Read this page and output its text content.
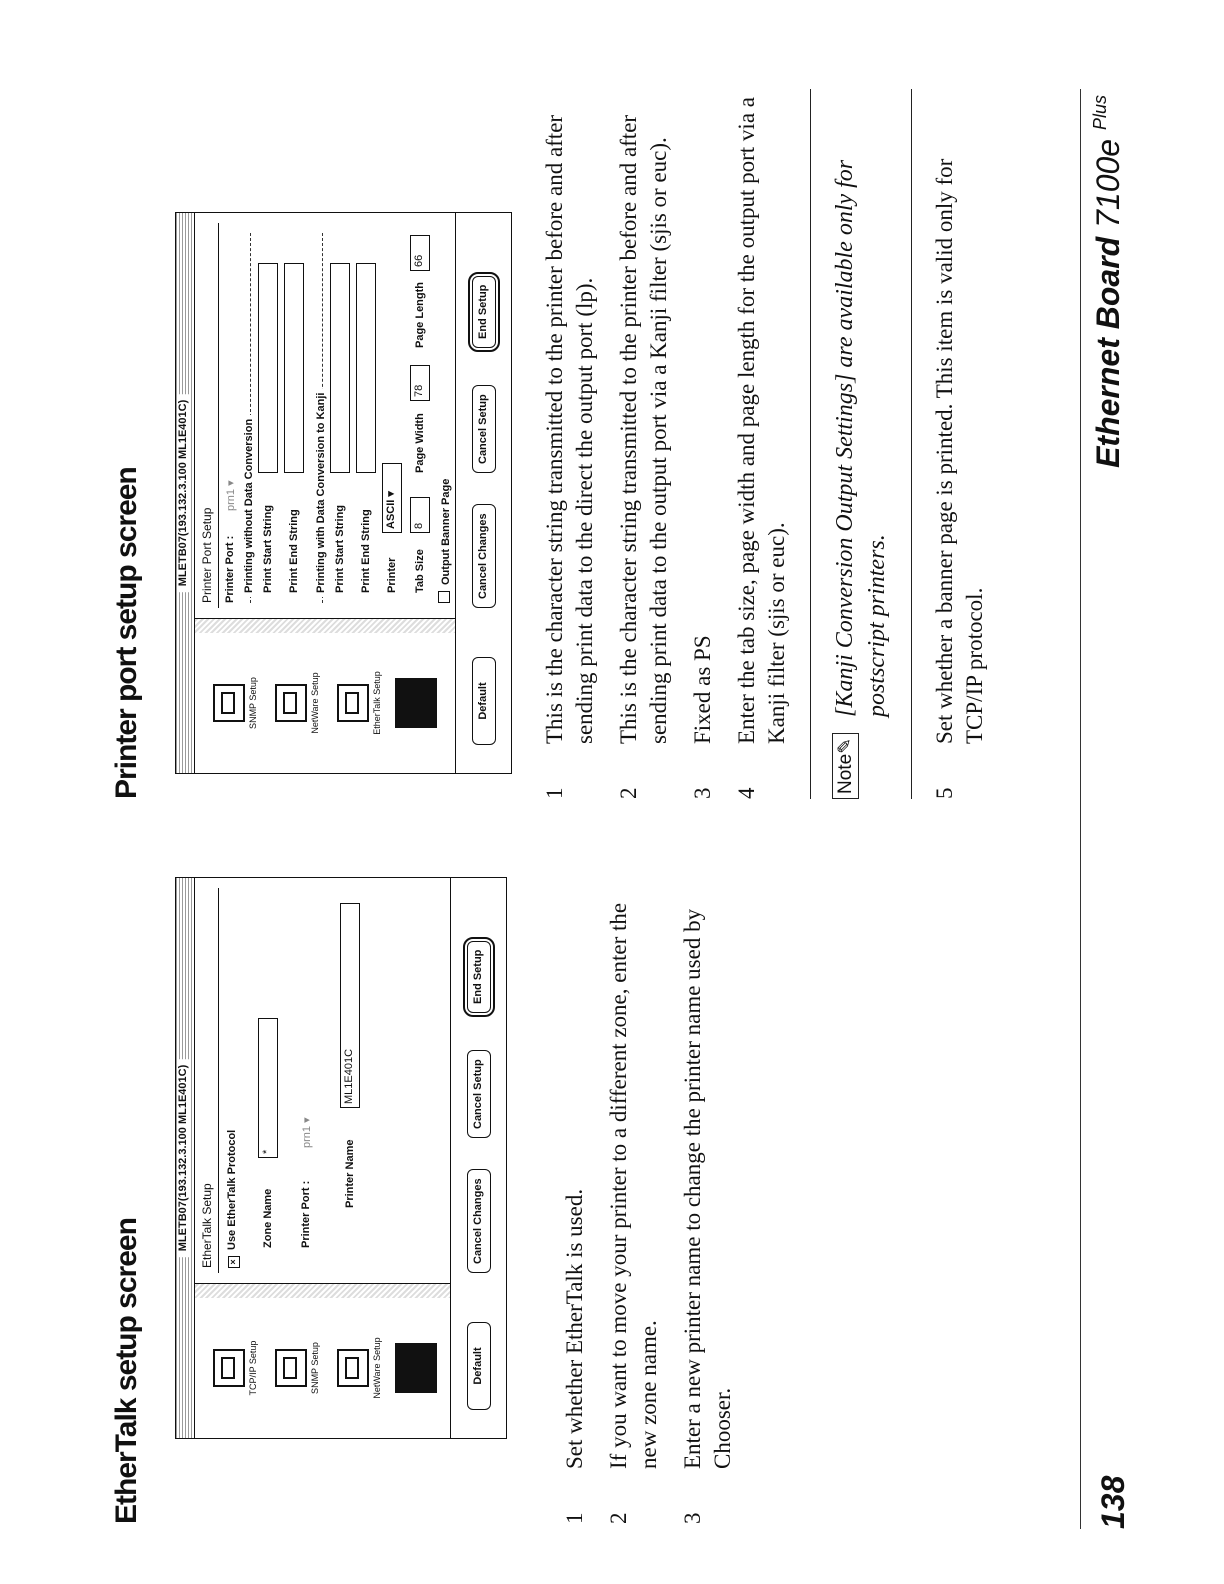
EtherTalk setup screen
MLETB07(193.132.3.100 ML1E401C)
TCP/IP Setup	SNMP Setup	NetWare Setup
EtherTalk Setup ×Use EtherTalk Protocol Zone Name
*
Printer Port :
prn1 ▾
Printer Name
ML1E401C
Default
Cancel Changes
Cancel Setup
End Setup
1
Set whether EtherTalk is used.
2
If you want to move your printer to a different zone, enter the new zone name.
3
Enter a new printer name to change the printer name used by Chooser.
Printer port setup screen	MLETB07(193.132.3.100 ML1E401C)
SNMP Setup	NetWare Setup	EtherTalk Setup
Printer Port Setup Printer Port :
prn1 ▾ Printing without Data Conversion Print Start String Print End String Printing with Data Conversion to Kanji Print Start String Print End String Printer
ASCII ▾
Tab Size
8
Page Width
78
Page Length
66
Output Banner Page
Default
Cancel Changes
Cancel Setup
End Setup
1
This is the character string transmitted to the printer before and after sending print data to the direct the output port (lp).
2
This is the character string transmitted to the printer before and after sending print data to the output port via a Kanji filter (sjis or euc).
3
Fixed as PS
4
Enter the tab size, page width and page length for the output port via a Kanji filter (sjis or euc).
Note✎
[Kanji Conversion Output Settings] are available only for postscript printers.
5
Set whether a banner page is printed. This item is valid only for TCP/IP protocol.
138
Ethernet Board 7100e $^{Plus}$
